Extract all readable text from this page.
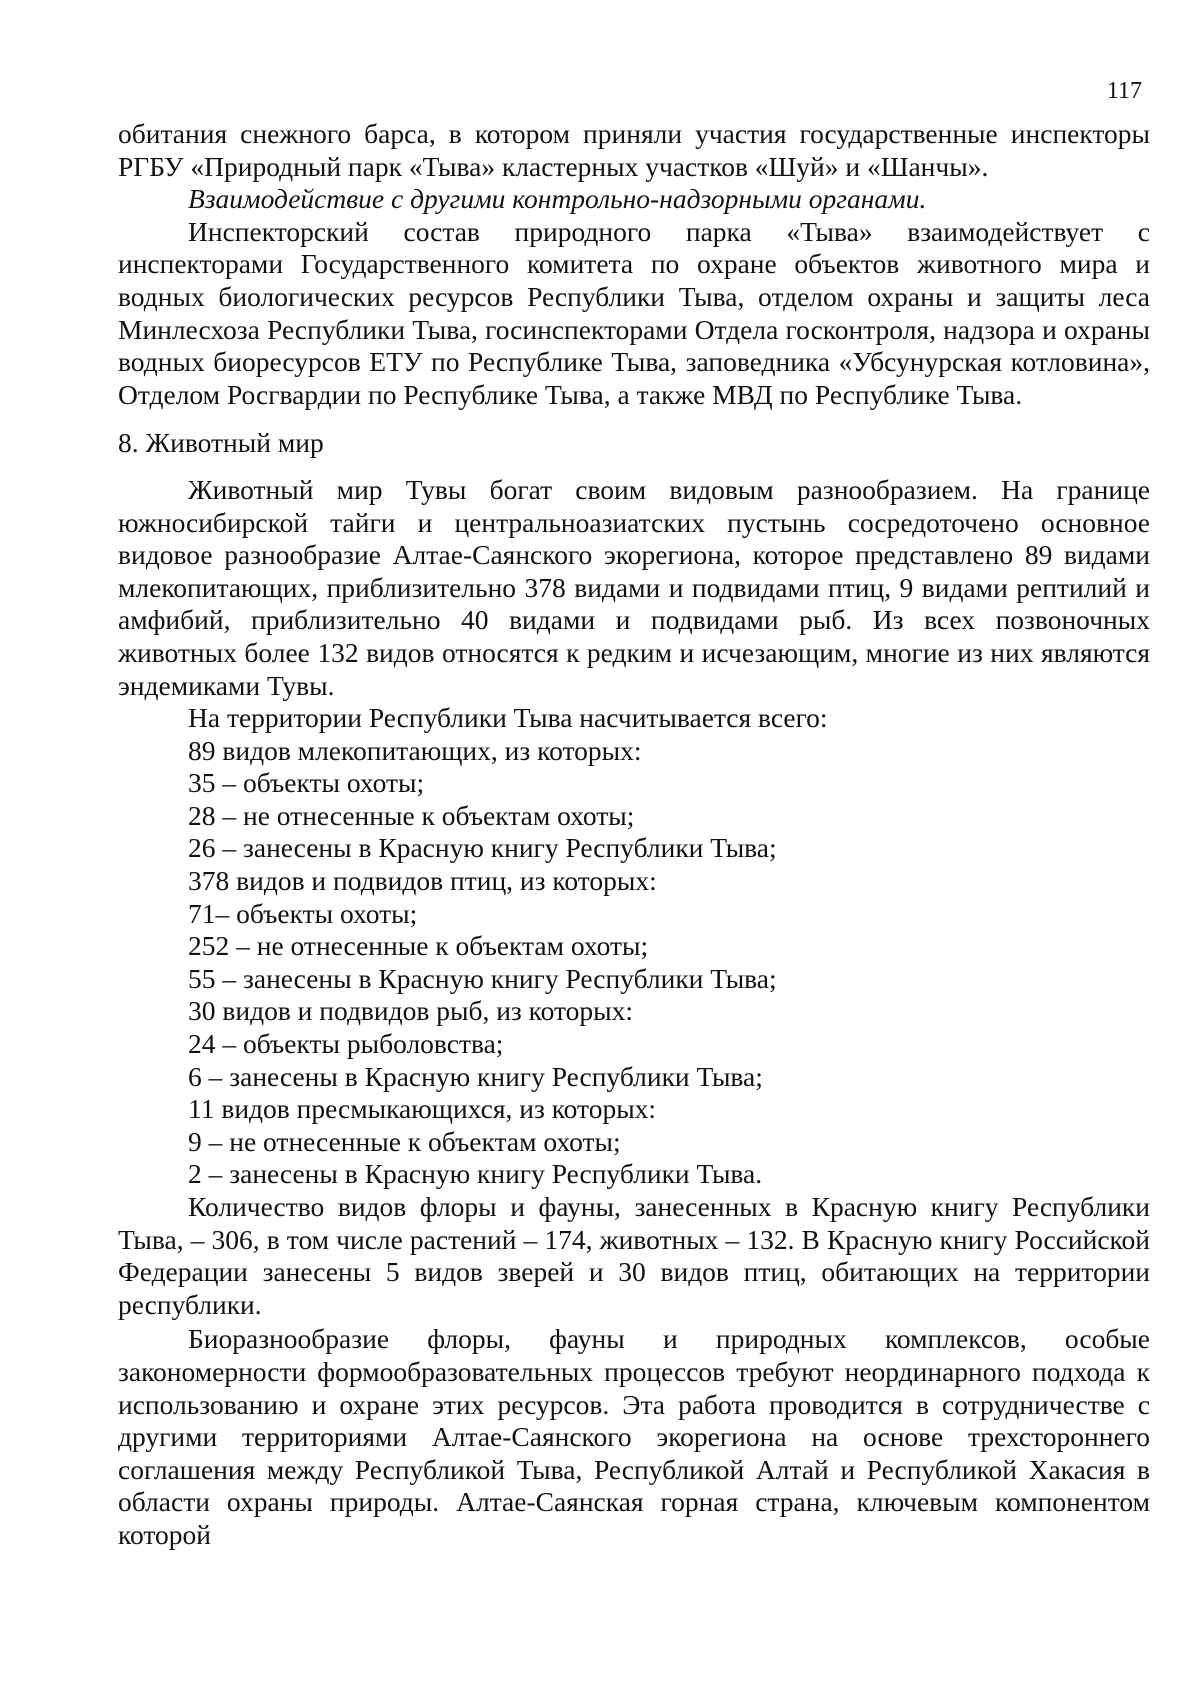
117

обитания снежного барса, в котором приняли участия государственные инспекторы РГБУ «Природный парк «Тыва» кластерных участков «Шуй» и «Шанчы».

Взаимодействие с другими контрольно-надзорными органами.

Инспекторский состав природного парка «Тыва» взаимодействует с инспекторами Государственного комитета по охране объектов животного мира и водных биологических ресурсов Республики Тыва, отделом охраны и защиты леса Минлесхоза Республики Тыва, госинспекторами Отдела госконтроля, надзора и охраны водных биоресурсов ЕТУ по Республике Тыва, заповедника «Убсунурская котловина», Отделом Росгвардии по Республике Тыва, а также МВД по Республике Тыва.

8. Животный мир

Животный мир Тувы богат своим видовым разнообразием. На границе южносибирской тайги и центральноазиатских пустынь сосредоточено основное видовое разнообразие Алтае-Саянского экорегиона, которое представлено 89 видами млекопитающих, приблизительно 378 видами и подвидами птиц, 9 видами рептилий и амфибий, приблизительно 40 видами и подвидами рыб. Из всех позвоночных животных более 132 видов относятся к редким и исчезающим, многие из них являются эндемиками Тувы.

На территории Республики Тыва насчитывается всего:

89 видов млекопитающих, из которых:

35 – объекты охоты;

28 – не отнесенные к объектам охоты;

26 – занесены в Красную книгу Республики Тыва;

378 видов и подвидов птиц, из которых:

71– объекты охоты;

252 – не отнесенные к объектам охоты;

55 – занесены в Красную книгу Республики Тыва;

30 видов и подвидов рыб, из которых:

24 – объекты рыболовства;

6 – занесены в Красную книгу Республики Тыва;

11 видов пресмыкающихся, из которых:

9 – не отнесенные к объектам охоты;

2 – занесены в Красную книгу Республики Тыва.

Количество видов флоры и фауны, занесенных в Красную книгу Республики Тыва, – 306, в том числе растений – 174, животных – 132. В Красную книгу Российской Федерации занесены 5 видов зверей и 30 видов птиц, обитающих на территории республики.

Биоразнообразие флоры, фауны и природных комплексов, особые закономерности формообразовательных процессов требуют неординарного подхода к использованию и охране этих ресурсов. Эта работа проводится в сотрудничестве с другими территориями Алтае-Саянского экорегиона на основе трехстороннего соглашения между Республикой Тыва, Республикой Алтай и Республикой Хакасия в области охраны природы. Алтае-Саянская горная страна, ключевым компонентом которой
